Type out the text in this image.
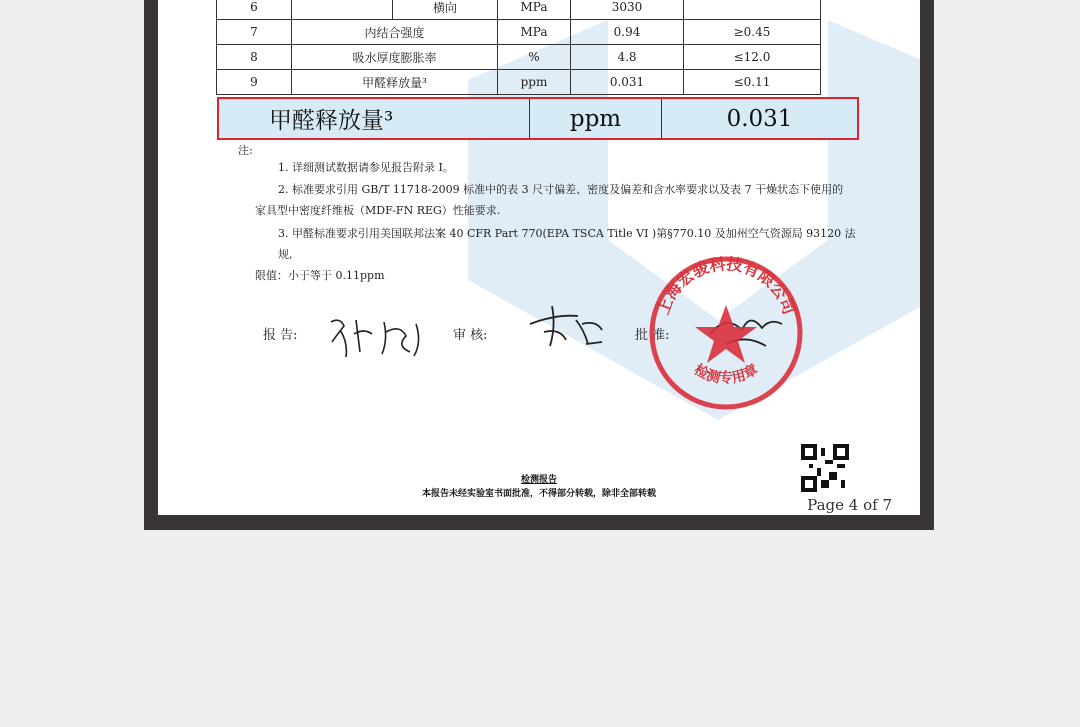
6		横向	MPa	3030	
7	内结合强度		MPa	0.94	≥0.45
8	吸水厚度膨胀率		%	4.8	≤12.0
9	甲醛释放量³		ppm	0.031	≤0.11
甲醛释放量³	ppm	0.031
注:
1. 详细测试数据请参见报告附录 I。
2. 标准要求引用 GB/T 11718-2009 标准中的表 3 尺寸偏差、密度及偏差和含水率要求以及表 7 干燥状态下使用的
家具型中密度纤维板（MDF-FN REG）性能要求.
3. 甲醛标准要求引用美国联邦法案 40 CFR Part 770(EPA TSCA Title VI )第§770.10 及加州空气资源局 93120 法规,
限值：小于等于 0.11ppm
报 告:	审 核:	批 准:
上海宏骏科技有限公司
检测专用章
检测报告
本报告未经实验室书面批准，不得部分转载，除非全部转载
Page 4 of 7
